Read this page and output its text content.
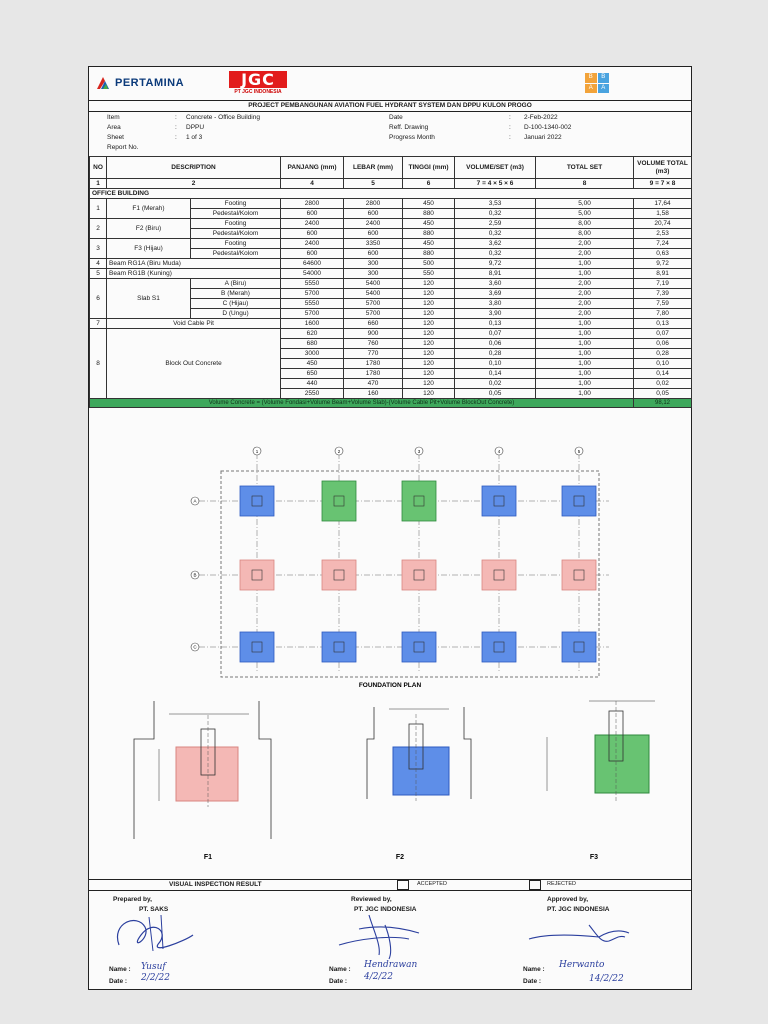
PERTAMINA	JGC
PT JGC INDONESIA
B	B
A	A
PROJECT PEMBANGUNAN AVIATION FUEL HYDRANT SYSTEM DAN DPPU KULON PROGO
Item	: Concrete - Office Building
Area	: DPPU
Sheet	: 1 of 3
Report No.
Date	: 2-Feb-2022
Reff. Drawing	: D-100-1340-002
Progress Month	: Januari 2022
NO	DESCRIPTION		PANJANG (mm)	LEBAR (mm)	TINGGI (mm)	VOLUME/SET (m3)	TOTAL SET	VOLUME TOTAL
(m3)
1	2		4	5	6	7 = 4 × 5 × 6	8	9 = 7 × 8
OFFICE BUILDING								
1	F1 (Merah)	Footing	2800	2800	450	3,53	5,00	17,64
		Pedestal/Kolom	600	600	880	0,32	5,00	1,58
2	F2 (Biru)	Footing	2400	2400	450	2,59	8,00	20,74
		Pedestal/Kolom	600	600	880	0,32	8,00	2,53
3	F3 (Hijau)	Footing	2400	3350	450	3,62	2,00	7,24
		Pedestal/Kolom	600	600	880	0,32	2,00	0,63
4	Beam RG1A (Biru Muda)		64600	300	500	9,72	1,00	9,72
5	Beam RG1B (Kuning)		54000	300	550	8,91	1,00	8,91
6	Slab S1	A (Biru)	5550	5400	120	3,60	2,00	7,19
		B (Merah)	5700	5400	120	3,69	2,00	7,39
		C (Hijau)	5550	5700	120	3,80	2,00	7,59
		D (Ungu)	5700	5700	120	3,90	2,00	7,80
7	Void Cable Pit		1600	660	120	0,13	1,00	0,13
8	Block Out Concrete		620	900	120	0,07	1,00	0,07
			680	760	120	0,06	1,00	0,06
			3000	770	120	0,28	1,00	0,28
			450	1780	120	0,10	1,00	0,10
			650	1780	120	0,14	1,00	0,14
			440	470	120	0,02	1,00	0,02
			2550	160	120	0,05	1,00	0,05
Volume Concrete = (Volume Fondasi+Volume Beam+Volume Slab)-(Volume Cable Pit+Volume BlockOut Concrete)								98,12
1	2	3	4	5
A
B
C
FOUNDATION PLAN
F1	F2	F3
VISUAL INSPECTION RESULT	ACCEPTED	REJECTED
Prepared by,
PT. SAKS
Reviewed by,
PT. JGC INDONESIA
Approved by,
PT. JGC INDONESIA
Name : Yusuf
Date : 2/2/22
Name : Hendrawan
Date : 4/2/22
Name : Herwanto
Date :	14/2/22
